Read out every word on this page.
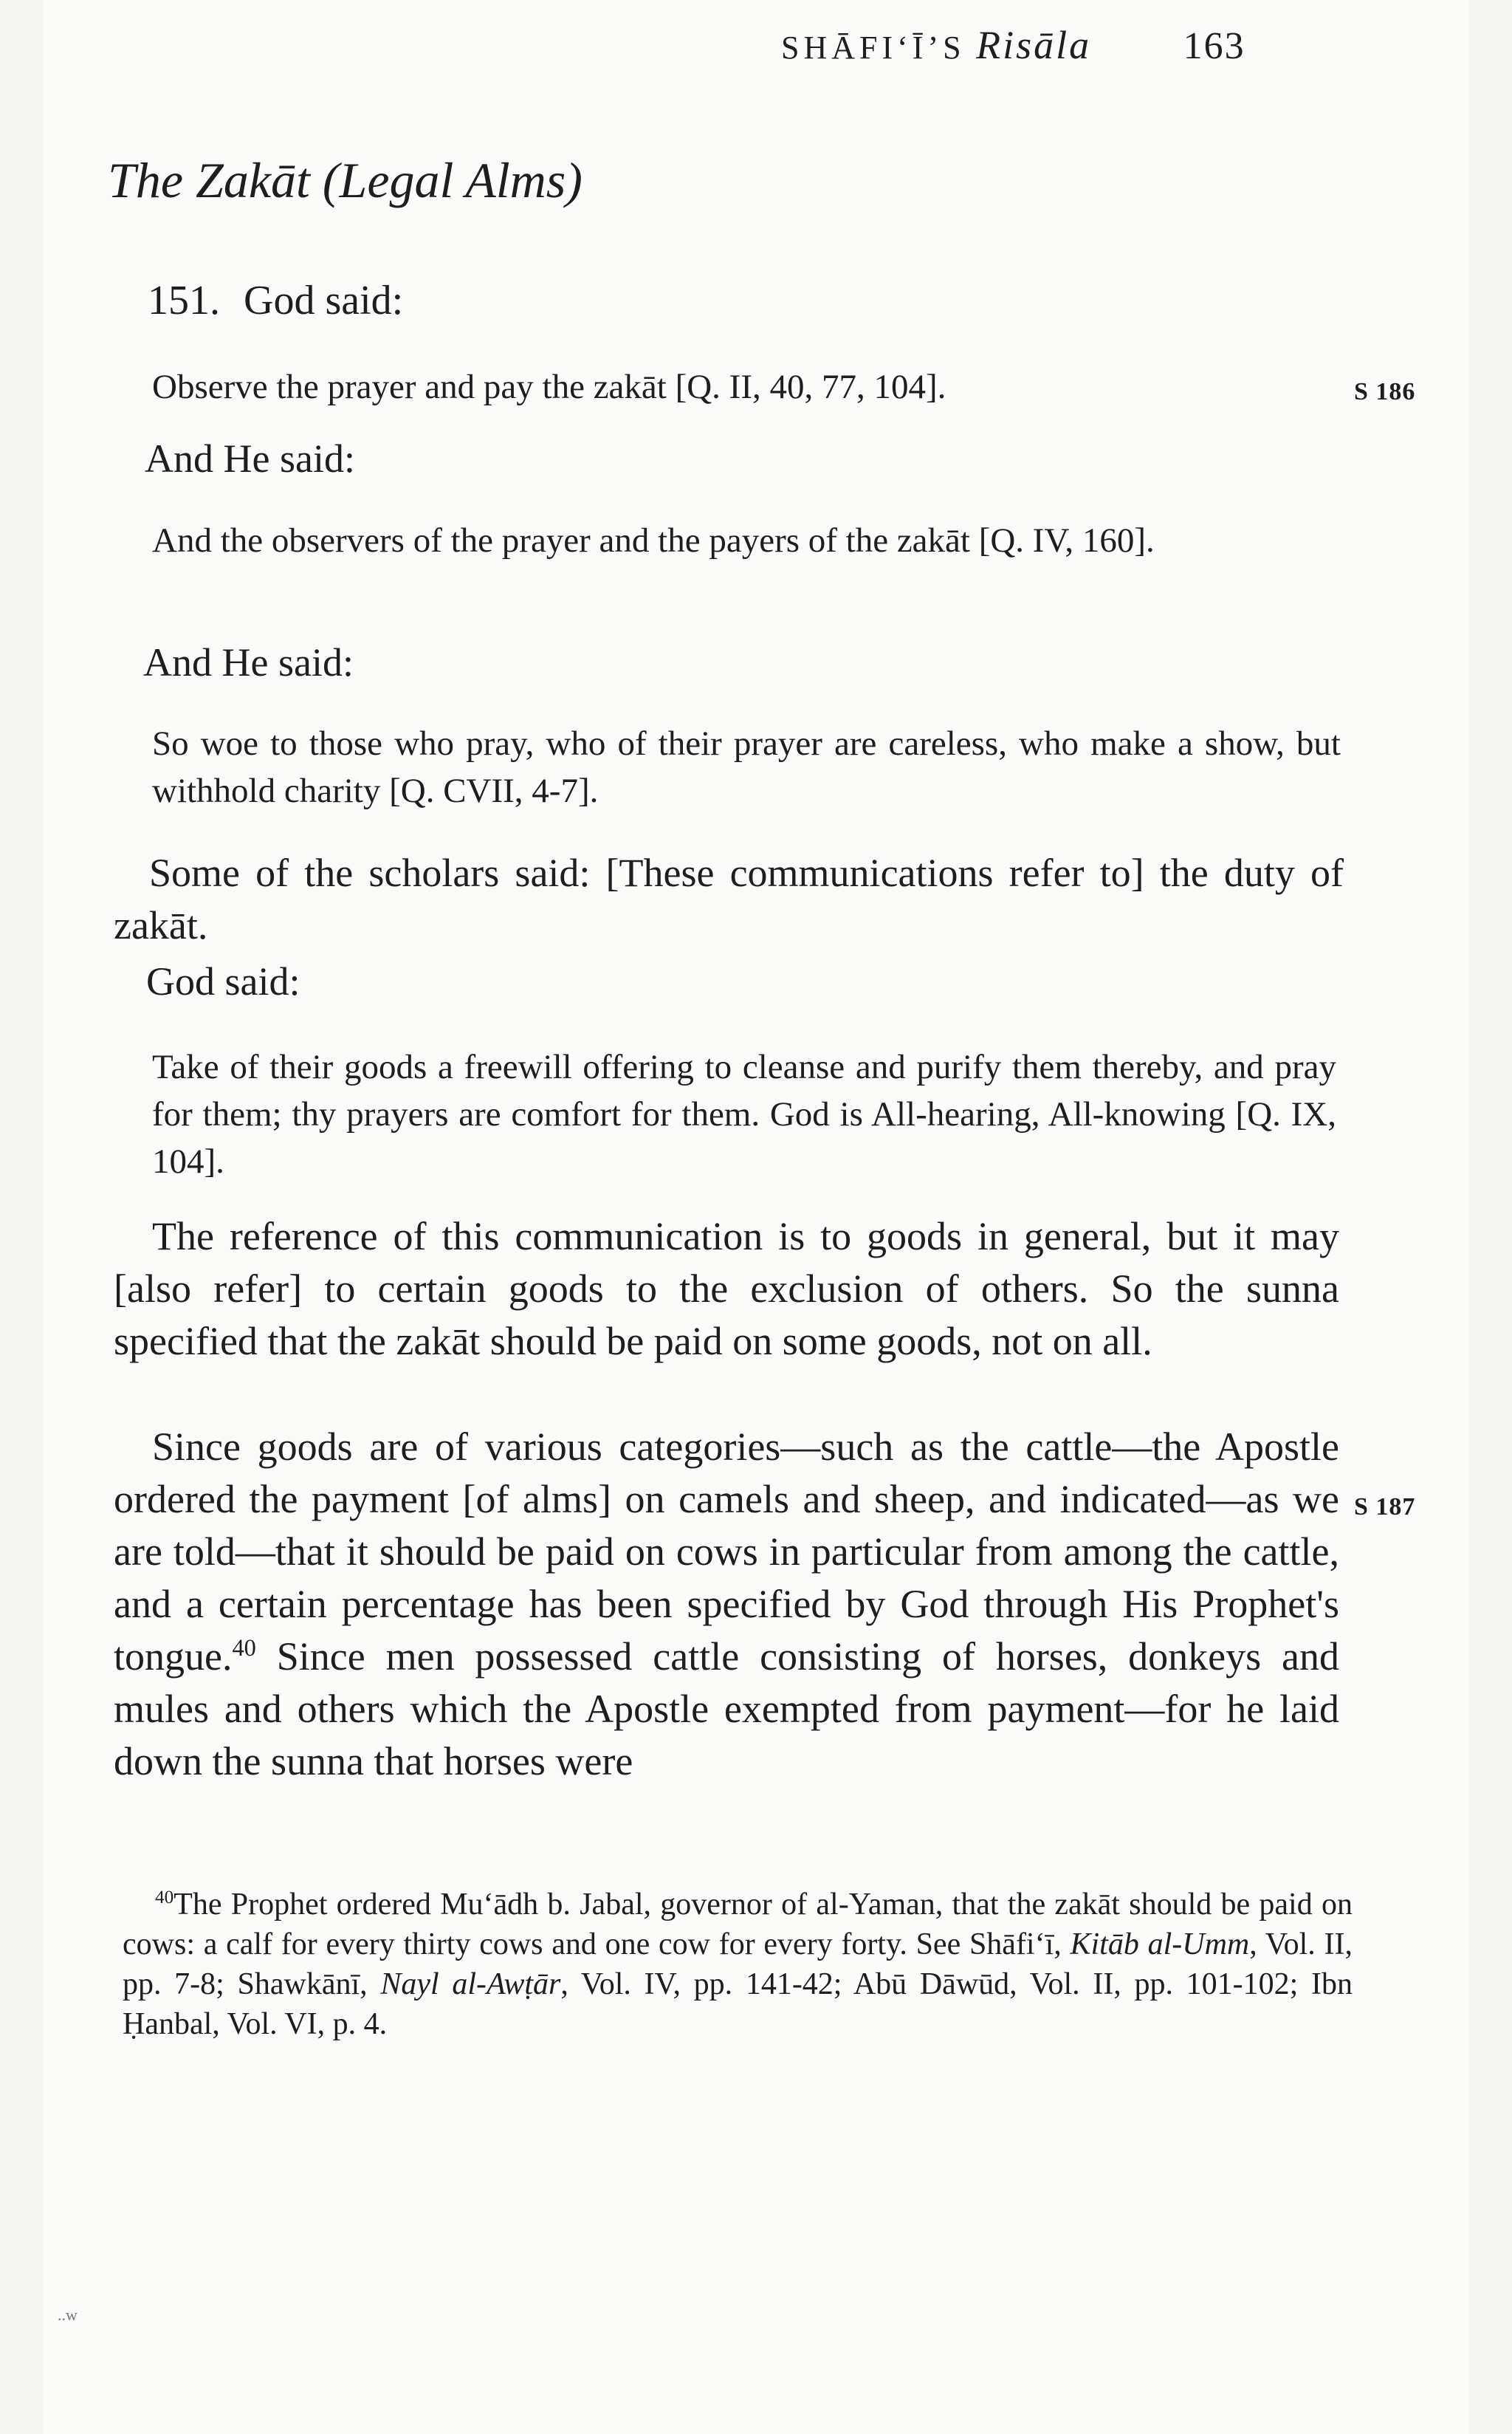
SHĀFI‘Ī’S Risāla 163
The Zakāt (Legal Alms)
151. God said:
Observe the prayer and pay the zakāt [Q. II, 40, 77, 104].	S 186
And He said:
And the observers of the prayer and the payers of the zakāt [Q. IV, 160].
And He said:
So woe to those who pray, who of their prayer are careless, who make a show, but withhold charity [Q. CVII, 4-7].
Some of the scholars said: [These communications refer to] the duty of zakāt.
God said:
Take of their goods a freewill offering to cleanse and purify them thereby, and pray for them; thy prayers are comfort for them. God is All-hearing, All-knowing [Q. IX, 104].
The reference of this communication is to goods in general, but it may [also refer] to certain goods to the exclusion of others. So the sunna specified that the zakāt should be paid on some goods, not on all.
Since goods are of various categories—such as the cattle—the Apostle ordered the payment [of alms] on camels and sheep, and indicated—as we are told—that it should be paid on cows in particular from among the cattle, and a certain percentage has been specified by God through His Prophet's tongue.$^{40}$ Since men possessed cattle consisting of horses, donkeys and mules and others which the Apostle exempted from payment—for he laid down the sunna that horses were
S 187
$^{40}$The Prophet ordered Mu‘ādh b. Jabal, governor of al-Yaman, that the zakāt should be paid on cows: a calf for every thirty cows and one cow for every forty. See Shāfi‘ī, Kitāb al-Umm, Vol. II, pp. 7-8; Shawkānī, Nayl al-Awṭār, Vol. IV, pp. 141-42; Abū Dāwūd, Vol. II, pp. 101-102; Ibn Ḥanbal, Vol. VI, p. 4.
..w
